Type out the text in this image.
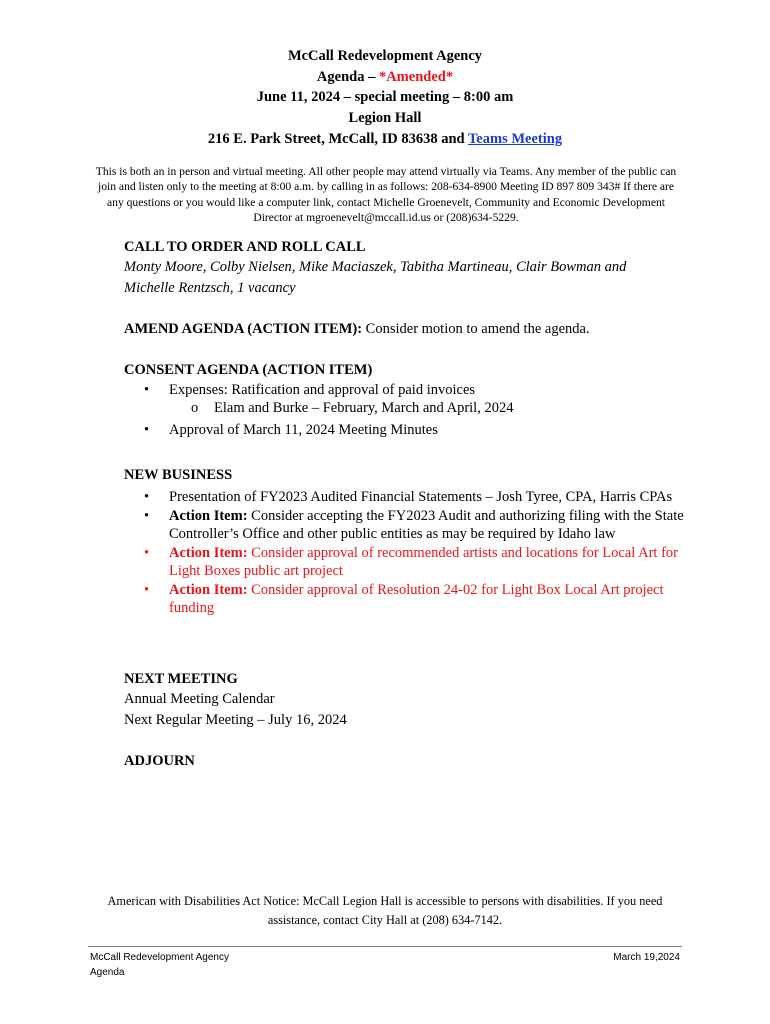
McCall Redevelopment Agency
Agenda – *Amended*
June 11, 2024 – special meeting – 8:00 am
Legion Hall
216 E. Park Street, McCall, ID 83638 and Teams Meeting
This is both an in person and virtual meeting. All other people may attend virtually via Teams. Any member of the public can join and listen only to the meeting at 8:00 a.m. by calling in as follows: 208-634-8900 Meeting ID 897 809 343# If there are any questions or you would like a computer link, contact Michelle Groenevelt, Community and Economic Development Director at mgroenevelt@mccall.id.us or (208)634-5229.
CALL TO ORDER AND ROLL CALL
Monty Moore, Colby Nielsen, Mike Maciaszek, Tabitha Martineau, Clair Bowman and
Michelle Rentzsch, 1 vacancy
AMEND AGENDA (ACTION ITEM): Consider motion to amend the agenda.
CONSENT AGENDA (ACTION ITEM)
• Expenses: Ratification and approval of paid invoices
o Elam and Burke – February, March and April, 2024
• Approval of March 11, 2024 Meeting Minutes
NEW BUSINESS
• Presentation of FY2023 Audited Financial Statements – Josh Tyree, CPA, Harris CPAs
• Action Item: Consider accepting the FY2023 Audit and authorizing filing with the State Controller’s Office and other public entities as may be required by Idaho law
• Action Item: Consider approval of recommended artists and locations for Local Art for Light Boxes public art project
• Action Item: Consider approval of Resolution 24-02 for Light Box Local Art project funding
NEXT MEETING
Annual Meeting Calendar
Next Regular Meeting – July 16, 2024
ADJOURN
American with Disabilities Act Notice: McCall Legion Hall is accessible to persons with disabilities. If you need assistance, contact City Hall at (208) 634-7142.
McCall Redevelopment Agency
Agenda
March 19,2024
